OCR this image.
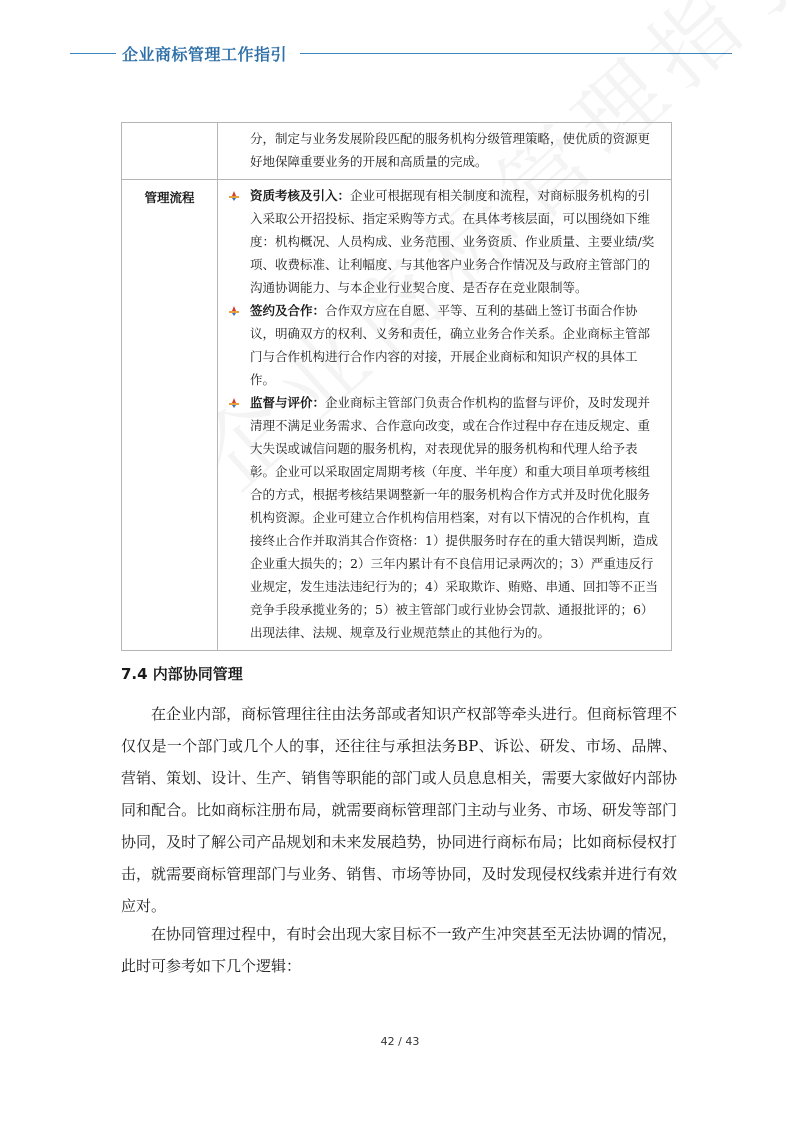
企业商标管理工作指引

	分，制定与业务发展阶段匹配的服务机构分级管理策略，使优质的资源更好地保障重要业务的开展和高质量的完成。

管理流程	资质考核及引入：企业可根据现有相关制度和流程，对商标服务机构的引入采取公开招投标、指定采购等方式。在具体考核层面，可以围绕如下维度：机构概况、人员构成、业务范围、业务资质、作业质量、主要业绩/奖项、收费标准、让利幅度、与其他客户业务合作情况及与政府主管部门的沟通协调能力、与本企业行业契合度、是否存在竞业限制等。
签约及合作：合作双方应在自愿、平等、互利的基础上签订书面合作协议，明确双方的权利、义务和责任，确立业务合作关系。企业商标主管部门与合作机构进行合作内容的对接，开展企业商标和知识产权的具体工作。
监督与评价：企业商标主管部门负责合作机构的监督与评价，及时发现并清理不满足业务需求、合作意向改变，或在合作过程中存在违反规定、重大失误或诚信问题的服务机构，对表现优异的服务机构和代理人给予表彰。企业可以采取固定周期考核（年度、半年度）和重大项目单项考核组合的方式，根据考核结果调整新一年的服务机构合作方式并及时优化服务机构资源。企业可建立合作机构信用档案，对有以下情况的合作机构，直接终止合作并取消其合作资格：1）提供服务时存在的重大错误判断，造成企业重大损失的；2）三年内累计有不良信用记录两次的；3）严重违反行业规定，发生违法违纪行为的；4）采取欺诈、贿赂、串通、回扣等不正当竞争手段承揽业务的；5）被主管部门或行业协会罚款、通报批评的；6）出现法律、法规、规章及行业规范禁止的其他行为的。
7.4 内部协同管理
在企业内部，商标管理往往由法务部或者知识产权部等牵头进行。但商标管理不仅仅是一个部门或几个人的事，还往往与承担法务BP、诉讼、研发、市场、品牌、营销、策划、设计、生产、销售等职能的部门或人员息息相关，需要大家做好内部协同和配合。比如商标注册布局，就需要商标管理部门主动与业务、市场、研发等部门协同，及时了解公司产品规划和未来发展趋势，协同进行商标布局；比如商标侵权打击，就需要商标管理部门与业务、销售、市场等协同，及时发现侵权线索并进行有效应对。
在协同管理过程中，有时会出现大家目标不一致产生冲突甚至无法协调的情况，此时可参考如下几个逻辑：
42 / 43
